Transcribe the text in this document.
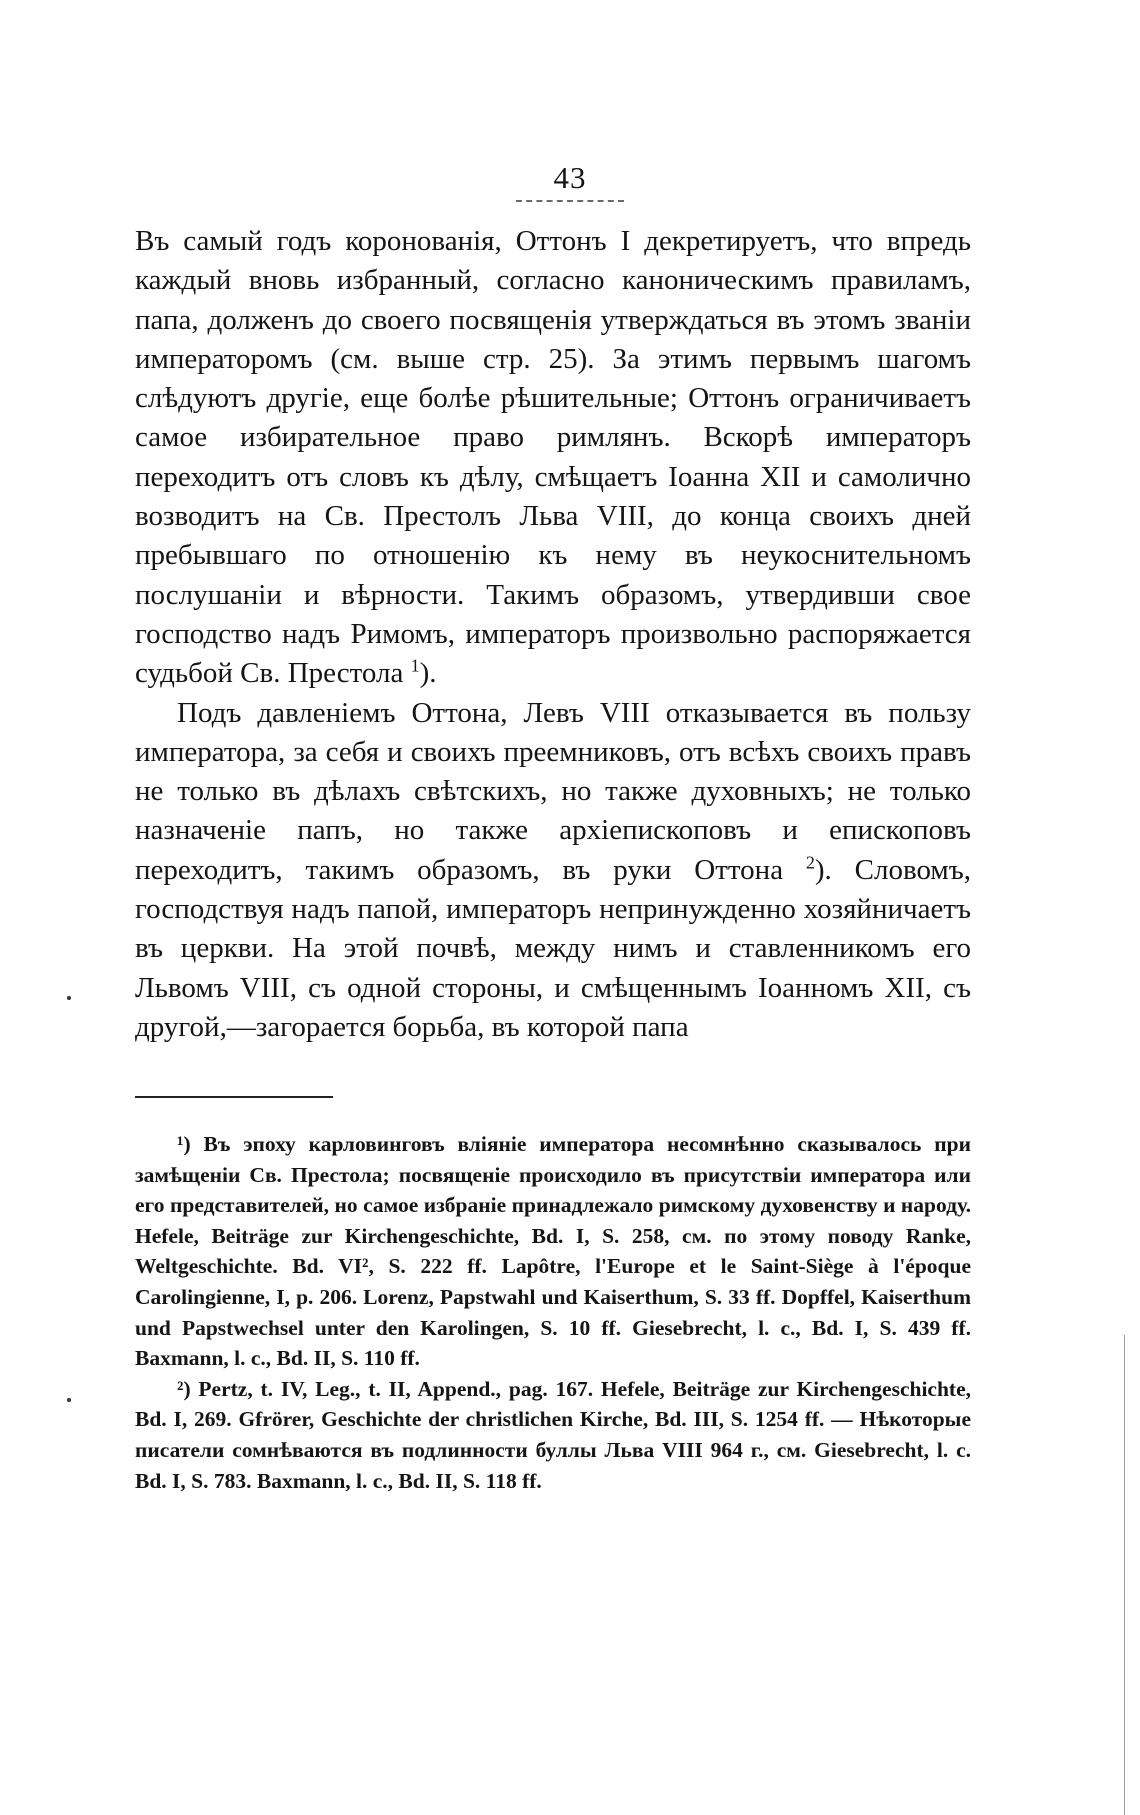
43

Въ самый годъ коронованія, Оттонъ I декретируетъ, что впредь каждый вновь избранный, согласно каноническимъ правиламъ, папа, долженъ до своего посвященія утверждаться въ этомъ званіи императоромъ (см. выше стр. 25). За этимъ первымъ шагомъ слѣдуютъ другіе, еще болѣе рѣшительные; Оттонъ ограничиваетъ самое избирательное право римлянъ. Вскорѣ императоръ переходитъ отъ словъ къ дѣлу, смѣщаетъ Іоанна XII и самолично возводитъ на Св. Престолъ Льва VIII, до конца своихъ дней пребывшаго по отношенію къ нему въ неукоснительномъ послушаніи и вѣрности. Такимъ образомъ, утвердивши свое господство надъ Римомъ, императоръ произвольно распоряжается судьбой Св. Престола $^1$).

Подъ давленіемъ Оттона, Левъ VIII отказывается въ пользу императора, за себя и своихъ преемниковъ, отъ всѣхъ своихъ правъ не только въ дѣлахъ свѣтскихъ, но также духовныхъ; не только назначеніе папъ, но также архіепископовъ и епископовъ переходитъ, такимъ образомъ, въ руки Оттона $^2$). Словомъ, господствуя надъ папой, императоръ непринужденно хозяйничаетъ въ церкви. На этой почвѣ, между нимъ и ставленникомъ его Львомъ VIII, съ одной стороны, и смѣщеннымъ Іоанномъ XII, съ другой,—загорается борьба, въ которой папа

¹) Въ эпоху карловинговъ вліяніе императора несомнѣнно сказывалось при замѣщеніи Св. Престола; посвященіе происходило въ присутствіи императора или его представителей, но самое избраніе принадлежало римскому духовенству и народу. Hefele, Beiträge zur Kirchengeschichte, Bd. I, S. 258, см. по этому поводу Ranke, Weltgeschichte. Bd. VI², S. 222 ff. Lapôtre, l'Europe et le Saint-Siège à l'époque Carolingienne, I, p. 206. Lorenz, Papstwahl und Kaiserthum, S. 33 ff. Dopffel, Kaiserthum und Papstwechsel unter den Karolingen, S. 10 ff. Giesebrecht, l. c., Bd. I, S. 439 ff. Baxmann, l. c., Bd. II, S. 110 ff.

²) Pertz, t. IV, Leg., t. II, Append., pag. 167. Hefele, Beiträge zur Kirchengeschichte, Bd. I, 269. Gfrörer, Geschichte der christlichen Kirche, Bd. III, S. 1254 ff. — Нѣкоторые писатели сомнѣваются въ подлинности буллы Льва VIII 964 г., см. Giesebrecht, l. c. Bd. I, S. 783. Baxmann, l. c., Bd. II, S. 118 ff.
